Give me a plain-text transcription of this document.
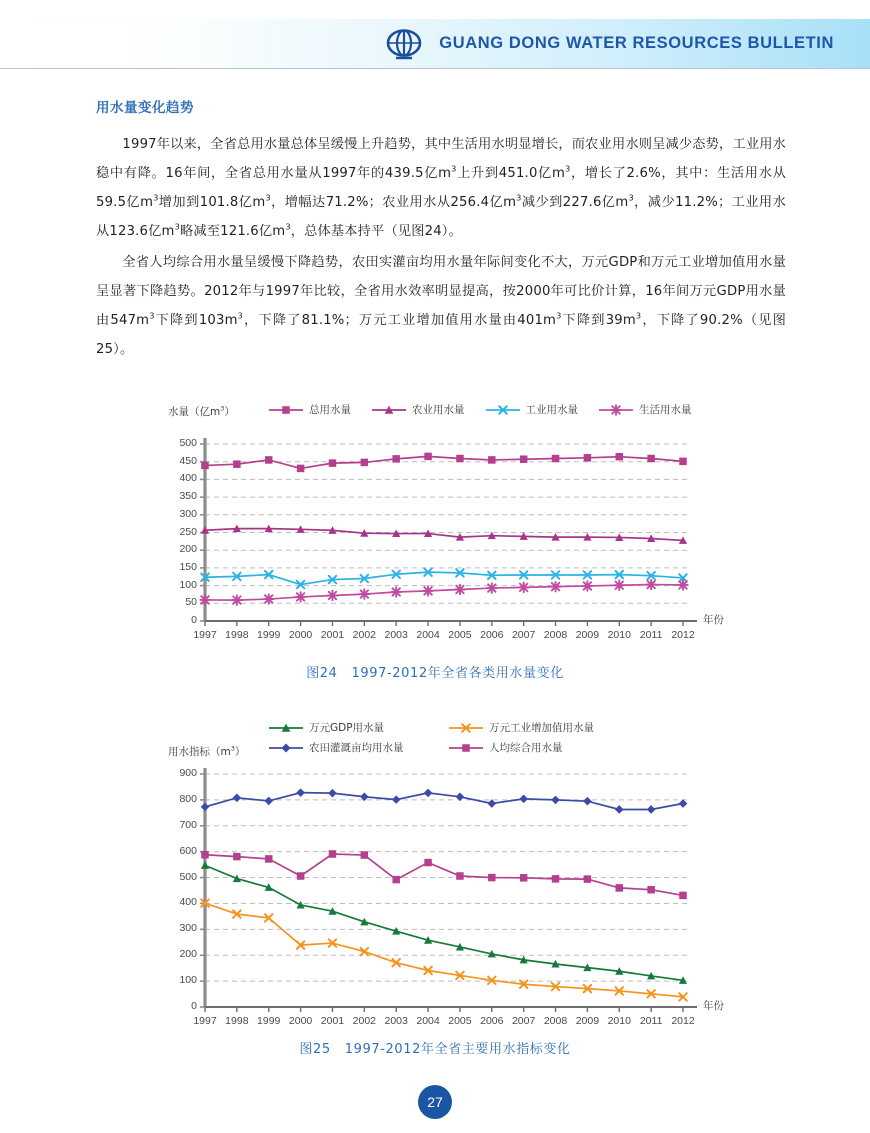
GUANG DONG WATER RESOURCES BULLETIN
用水量变化趋势

1997年以来，全省总用水量总体呈缓慢上升趋势，其中生活用水明显增长，而农业用水则呈减少态势，工业用水稳中有降。16年间，全省总用水量从1997年的439.5亿$m^3$上升到451.0亿$m^3$，增长了2.6%，其中：生活用水从59.5亿$m^3$增加到101.8亿$m^3$，增幅达71.2%；农业用水从256.4亿$m^3$减少到227.6亿$m^3$，减少11.2%；工业用水从123.6亿$m^3$略减至121.6亿$m^3$，总体基本持平（见图24）。

全省人均综合用水量呈缓慢下降趋势，农田实灌亩均用水量年际间变化不大，万元GDP和万元工业增加值用水量呈显著下降趋势。2012年与1997年比较，全省用水效率明显提高，按2000年可比价计算，16年间万元GDP用水量由$547m^3$下降到$103m^3$，下降了81.1%；万元工业增加值用水量由$401m^3$下降到$39m^3$，下降了90.2%（见图25）。

0
50
100
150
200
250
300
350
400
450
500
1997 1998 1999 2000 2001 2002 2003 2004 2005 2006 2007 2008 2009 2010 2011 2012
年份
水量（亿$m^3$）	总用水量	农业用水量	工业用水量	生活用水量
图24 1997-2012年全省各类用水量变化
0
100
200
300
400
500
600
700
800
900
1997 1998 1999 2000 2001 2002 2003 2004 2005 2006 2007 2008 2009 2010 2011 2012
年份
用水指标$(m^3)$
万元GDP用水量	万元工业增加值用水量
农田灌溉亩均用水量	人均综合用水量
图25 1997-2012年全省主要用水指标变化
27
